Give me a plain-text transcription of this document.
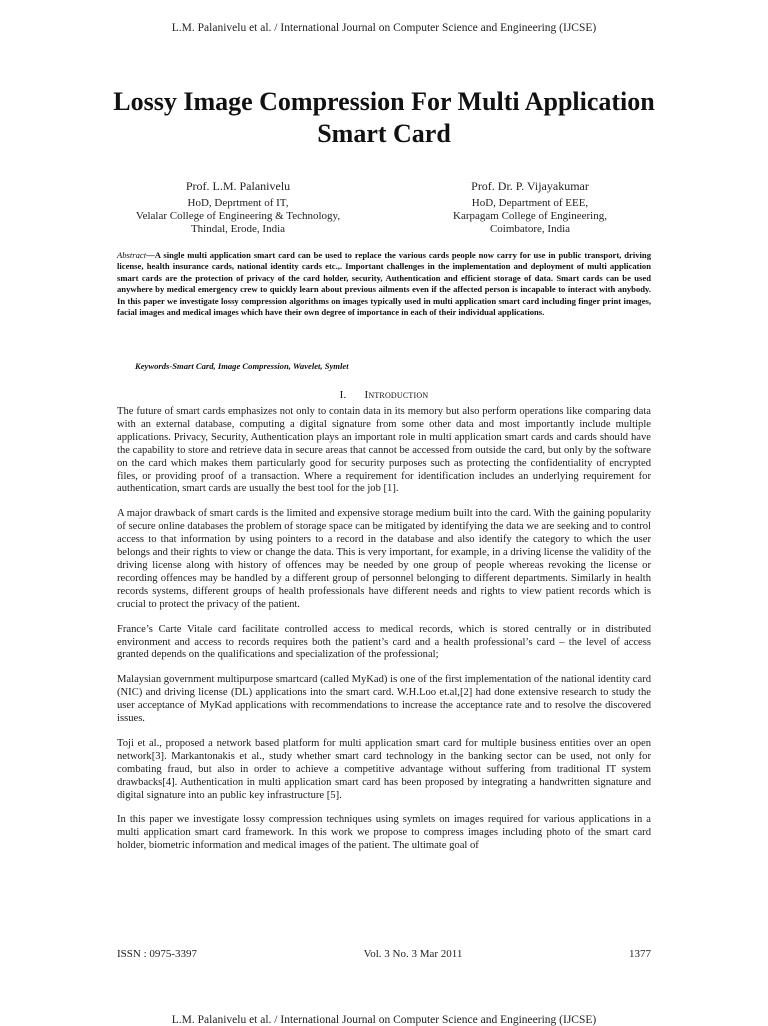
L.M. Palanivelu et al. / International Journal on Computer Science and Engineering (IJCSE)
Lossy Image Compression For Multi Application Smart Card
Prof. L.M. Palanivelu
HoD, Deprtment of IT,
Velalar College of Engineering & Technology,
Thindal, Erode, India
Prof. Dr. P. Vijayakumar
HoD, Department of EEE,
Karpagam College of Engineering,
Coimbatore, India
Abstract—A single multi application smart card can be used to replace the various cards people now carry for use in public transport, driving license, health insurance cards, national identity cards etc.,. Important challenges in the implementation and deployment of multi application smart cards are the protection of privacy of the card holder, security, Authentication and efficient storage of data. Smart cards can be used anywhere by medical emergency crew to quickly learn about previous ailments even if the affected person is incapable to interact with anybody. In this paper we investigate lossy compression algorithms on images typically used in multi application smart card including finger print images, facial images and medical images which have their own degree of importance in each of their individual applications.
Keywords-Smart Card, Image Compression, Wavelet, Symlet
I. Introduction

The future of smart cards emphasizes not only to contain data in its memory but also perform operations like comparing data with an external database, computing a digital signature from some other data and most importantly include multiple applications. Privacy, Security, Authentication plays an important role in multi application smart cards and cards should have the capability to store and retrieve data in secure areas that cannot be accessed from outside the card, but only by the software on the card which makes them particularly good for security purposes such as protecting the confidentiality of encrypted files, or providing proof of a transaction. Where a requirement for identification includes an underlying requirement for authentication, smart cards are usually the best tool for the job [1].

A major drawback of smart cards is the limited and expensive storage medium built into the card. With the gaining popularity of secure online databases the problem of storage space can be mitigated by identifying the data we are seeking and to control access to that information by using pointers to a record in the database and also identify the category to which the user belongs and their rights to view or change the data. This is very important, for example, in a driving license the validity of the driving license along with history of offences may be needed by one group of people whereas revoking the license or recording offences may be handled by a different group of personnel belonging to different departments. Similarly in health records systems, different groups of health professionals have different needs and rights to view patient records which is crucial to protect the privacy of the patient.

France’s Carte Vitale card facilitate controlled access to medical records, which is stored centrally or in distributed environment and access to records requires both the patient’s card and a health professional’s card – the level of access granted depends on the qualifications and specialization of the professional;

Malaysian government multipurpose smartcard (called MyKad) is one of the first implementation of the national identity card (NIC) and driving license (DL) applications into the smart card. W.H.Loo et.al,[2] had done extensive research to study the user acceptance of MyKad applications with recommendations to increase the acceptance rate and to resolve the discovered issues.

Toji et al., proposed a network based platform for multi application smart card for multiple business entities over an open network[3]. Markantonakis et al., study whether smart card technology in the banking sector can be used, not only for combating fraud, but also in order to achieve a competitive advantage without suffering from traditional IT system drawbacks[4]. Authentication in multi application smart card has been proposed by integrating a handwritten signature and digital signature into an public key infrastructure [5].

In this paper we investigate lossy compression techniques using symlets on images required for various applications in a multi application smart card framework. In this work we propose to compress images including photo of the smart card holder, biometric information and medical images of the patient. The ultimate goal of

ISSN : 0975-3397	Vol. 3 No. 3 Mar 2011	1377
L.M. Palanivelu et al. / International Journal on Computer Science and Engineering (IJCSE)
